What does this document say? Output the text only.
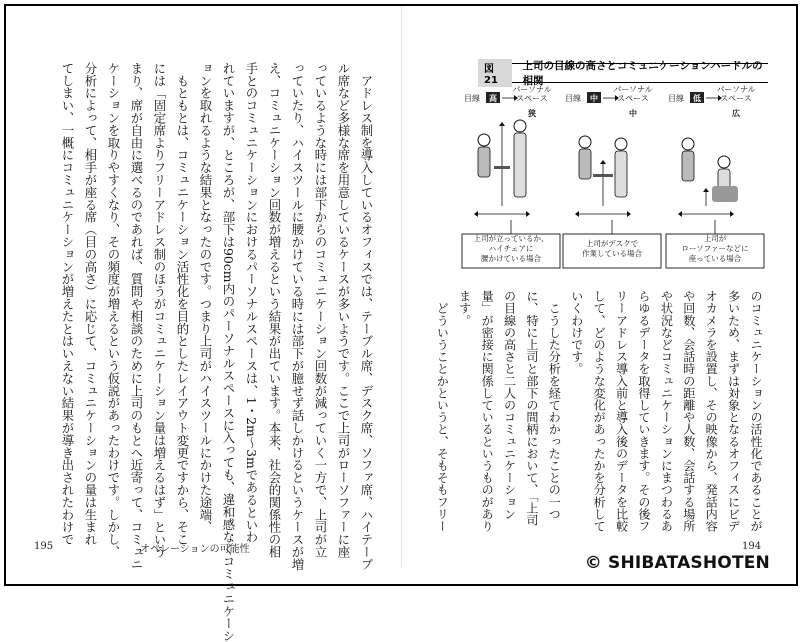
　アドレス制を導入しているオフィスでは、テーブル席、デスク席、ソファ席、ハイテーブ

ル席など多様な席を用意しているケースが多いようです。ここで上司がローソファーに座

っているような時には部下からのコミュニケーション回数が減っていく一方で、上司が立

っていたり、ハイスツールに腰かけている時には部下が臆せず話しかけるというケースが増

え、コミュニケーション回数が増えるという結果が出ています。本来、社会的関係性の相

手とのコミュニケーションにおけるパーソナルスペースは、1・2m〜3mであるといわ

れていますが、ところが、部下は90cm内のパーソナルスペースに入っても、違和感なくコミュニケーシ

ョンを取れるような結果となったのです。つまり上司がハイスツールにかけた途端、

　もともとは、コミュニケーション活性化を目的としたレイアウト変更ですから、そこ

には「固定席よりフリーアドレス制のほうがコミュニケーション量は増えるはず」という

まり、席が自由に選べるのであれば、質問や相談のために上司のもとへ近寄って、コミュニ

ケーションを取りやすくなり、その頻度が増えるという仮説があったわけです。しかし、

分析によって、相手が座る席（目の高さ）に応じて、コミュニケーションの量は生まれ

てしまい、一概にコミュニケーションが増えたとはいえない結果が導き出されたわけで	のコミュニケーションの活性化であることが

多いため、まずは対象となるオフィスにビデ

オカメラを設置し、その映像から、発話内容

や回数、会話時の距離や人数、会話する場所

や状況などコミュニケーションにまつわるあ

らゆるデータを取得していきます。その後フ

リーアドレス導入前と導入後のデータを比較

して、どのような変化があったかを分析して

いくわけです。

　こうした分析を経てわかったことの一つ

に、特に上司と部下の間柄において、「上司

の目線の高さと二人のコミュニケーション

量」が密接に関係しているというものがあり

ます。

　どういうことかというと、そもそもフリー

図21
上司の目線の高さとコミュニケーションハードルの相関
目線 高
パーソナル
スペース
狭
上司が立っているか、
ハイチェアに
腰かけている場合
目線 中
パーソナル
スペース
中
上司がデスクで
作業している場合
目線 低
パーソナル
スペース
広
上司が
ローソファーなどに
座っている場合
195	オペレーションの可能性	194
© SHIBATASHOTEN
